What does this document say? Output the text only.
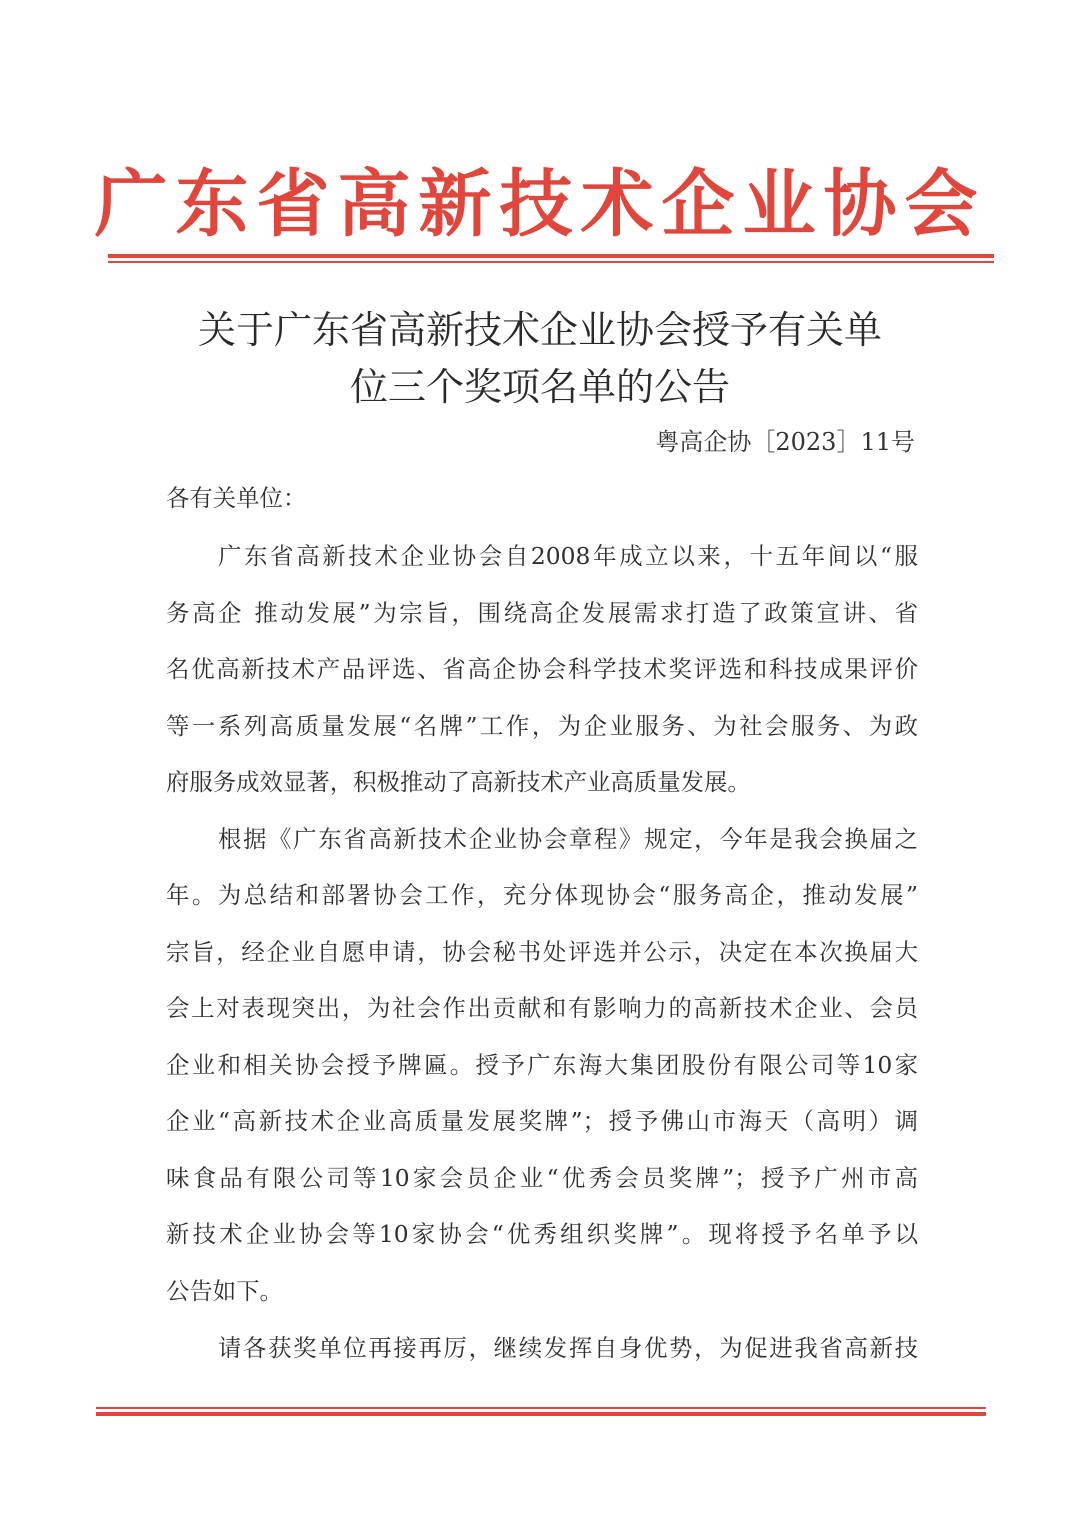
广东省高新技术企业协会
关于广东省高新技术企业协会授予有关单
位三个奖项名单的公告
粤高企协［2023］11号
各有关单位：
广东省高新技术企业协会自2008年成立以来，十五年间以“服
务高企 推动发展”为宗旨，围绕高企发展需求打造了政策宣讲、省
名优高新技术产品评选、省高企协会科学技术奖评选和科技成果评价
等一系列高质量发展“名牌”工作，为企业服务、为社会服务、为政
府服务成效显著，积极推动了高新技术产业高质量发展。
根据《广东省高新技术企业协会章程》规定，今年是我会换届之
年。为总结和部署协会工作，充分体现协会“服务高企，推动发展”
宗旨，经企业自愿申请，协会秘书处评选并公示，决定在本次换届大
会上对表现突出，为社会作出贡献和有影响力的高新技术企业、会员
企业和相关协会授予牌匾。授予广东海大集团股份有限公司等10家
企业“高新技术企业高质量发展奖牌”；授予佛山市海天（高明）调
味食品有限公司等10家会员企业“优秀会员奖牌”；授予广州市高
新技术企业协会等10家协会“优秀组织奖牌”。现将授予名单予以
公告如下。
请各获奖单位再接再厉，继续发挥自身优势，为促进我省高新技
